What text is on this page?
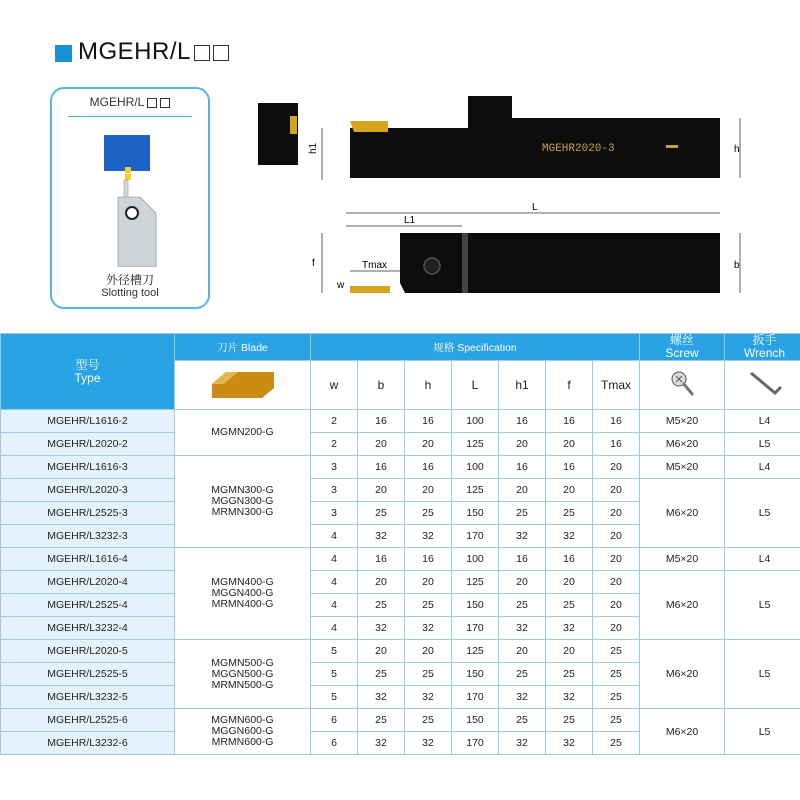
MGEHR/L
MGEHR/L
外径槽刀
Slotting tool
h1	MGEHR2020-3	h
L
L1
Tmax
f
w
b
型号
Type	刀片 Blade	规格 Specification							螺丝
Screw	扳手
Wrench

	w	b	h	L	h1	f	Tmax		
MGEHR/L1616-2	MGMN200-G	2	16	16	100	16	16	16	M5×20	L4
MGEHR/L2020-2		2	20	20	125	20	20	16	M6×20	L5
MGEHR/L1616-3	MGMN300-G
MGGN300-G
MRMN300-G	3	16	16	100	16	16	20	M5×20	L4
MGEHR/L2020-3		3	20	20	125	20	20	20	M6×20	L5
MGEHR/L2525-3		3	25	25	150	25	25	20		
MGEHR/L3232-3		4	32	32	170	32	32	20		
MGEHR/L1616-4	MGMN400-G
MGGN400-G
MRMN400-G	4	16	16	100	16	16	20	M5×20	L4
MGEHR/L2020-4		4	20	20	125	20	20	20	M6×20	L5
MGEHR/L2525-4		4	25	25	150	25	25	20		
MGEHR/L3232-4		4	32	32	170	32	32	20		
MGEHR/L2020-5	MGMN500-G
MGGN500-G
MRMN500-G	5	20	20	125	20	20	25	M6×20	L5
MGEHR/L2525-5		5	25	25	150	25	25	25		
MGEHR/L3232-5		5	32	32	170	32	32	25		
MGEHR/L2525-6	MGMN600-G
MGGN600-G
MRMN600-G	6	25	25	150	25	25	25	M6×20	L5
MGEHR/L3232-6		6	32	32	170	32	32	25		
